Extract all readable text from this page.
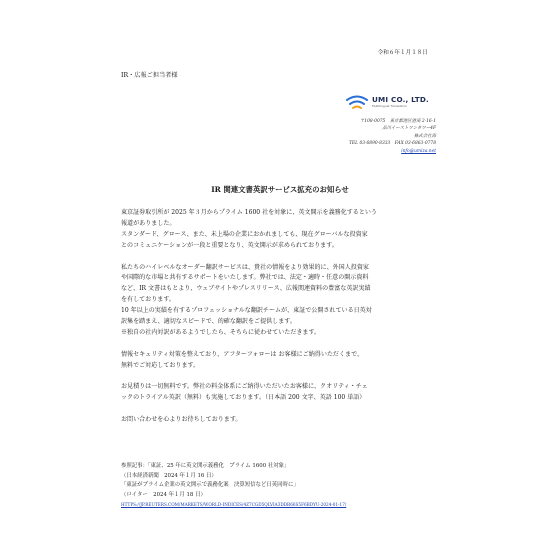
令和６年１月１８日
IR・広報ご担当者様
UMI CO., LTD.
Multilingual Translators
〒108-0075　東京都港区港南 2-16-1
品川イーストワンタワー4F
株式会社海
TEL 03-6890-8333　FAX 03-6863-0778
info@umiza.net
IR 関連文書英訳サービス拡充のお知らせ

東京証券取引所が 2025 年３月からプライム 1600 社を対象に、英文開示を義務化するという
報道がありました。
スタンダード、グロース、また、未上場の企業におかれましても、現在グローバルな投資家
とのコミュニケーションが一段と重要となり、英文開示が求められております。

私たちのハイレベルなオーダー翻訳サービスは、貴社の情報をより効果的に、外国人投資家
や国際的な市場と共有するサポートをいたします。弊社では、法定・適時・任意の開示資料
など、IR 文書はもとより、ウェブサイトやプレスリリース、広報関連資料の豊富な英訳実績
を有しております。
10 年以上の実績を有するプロフェッショナルな翻訳チームが、東証で公開されている日英対
訳集を踏まえ、適切なスピードで、的確な翻訳をご提供します。
※独自の社内対訳があるようでしたら、そちらに従わせていただきます。

情報セキュリティ対策を整えており、アフターフォローは お客様にご納得いただくまで、
無料でご対応しております。

お見積りは一切無料です。弊社の料金体系にご納得いただいたお客様に、クオリティ・チェ
ックのトライアル英訳（無料）も実施しております。（日本語 200 文字、英語 100 単語）

お問い合わせを心よりお待ちしております。

参照記事：「東証、25 年に英文開示義務化　プライム 1600 社対象」
（日本経済新聞　2024 年１月 16 日）
「東証がプライム企業の英文開示で義務化案　決算短信など日英同時に」
（ロイター　2024 年１月 18 日）
HTTPS://JP.REUTERS.COM/MARKETS/WORLD-INDICES/4Z7CGD5QLVIA3DDR66S5F6BDYU-2024-01-17/
